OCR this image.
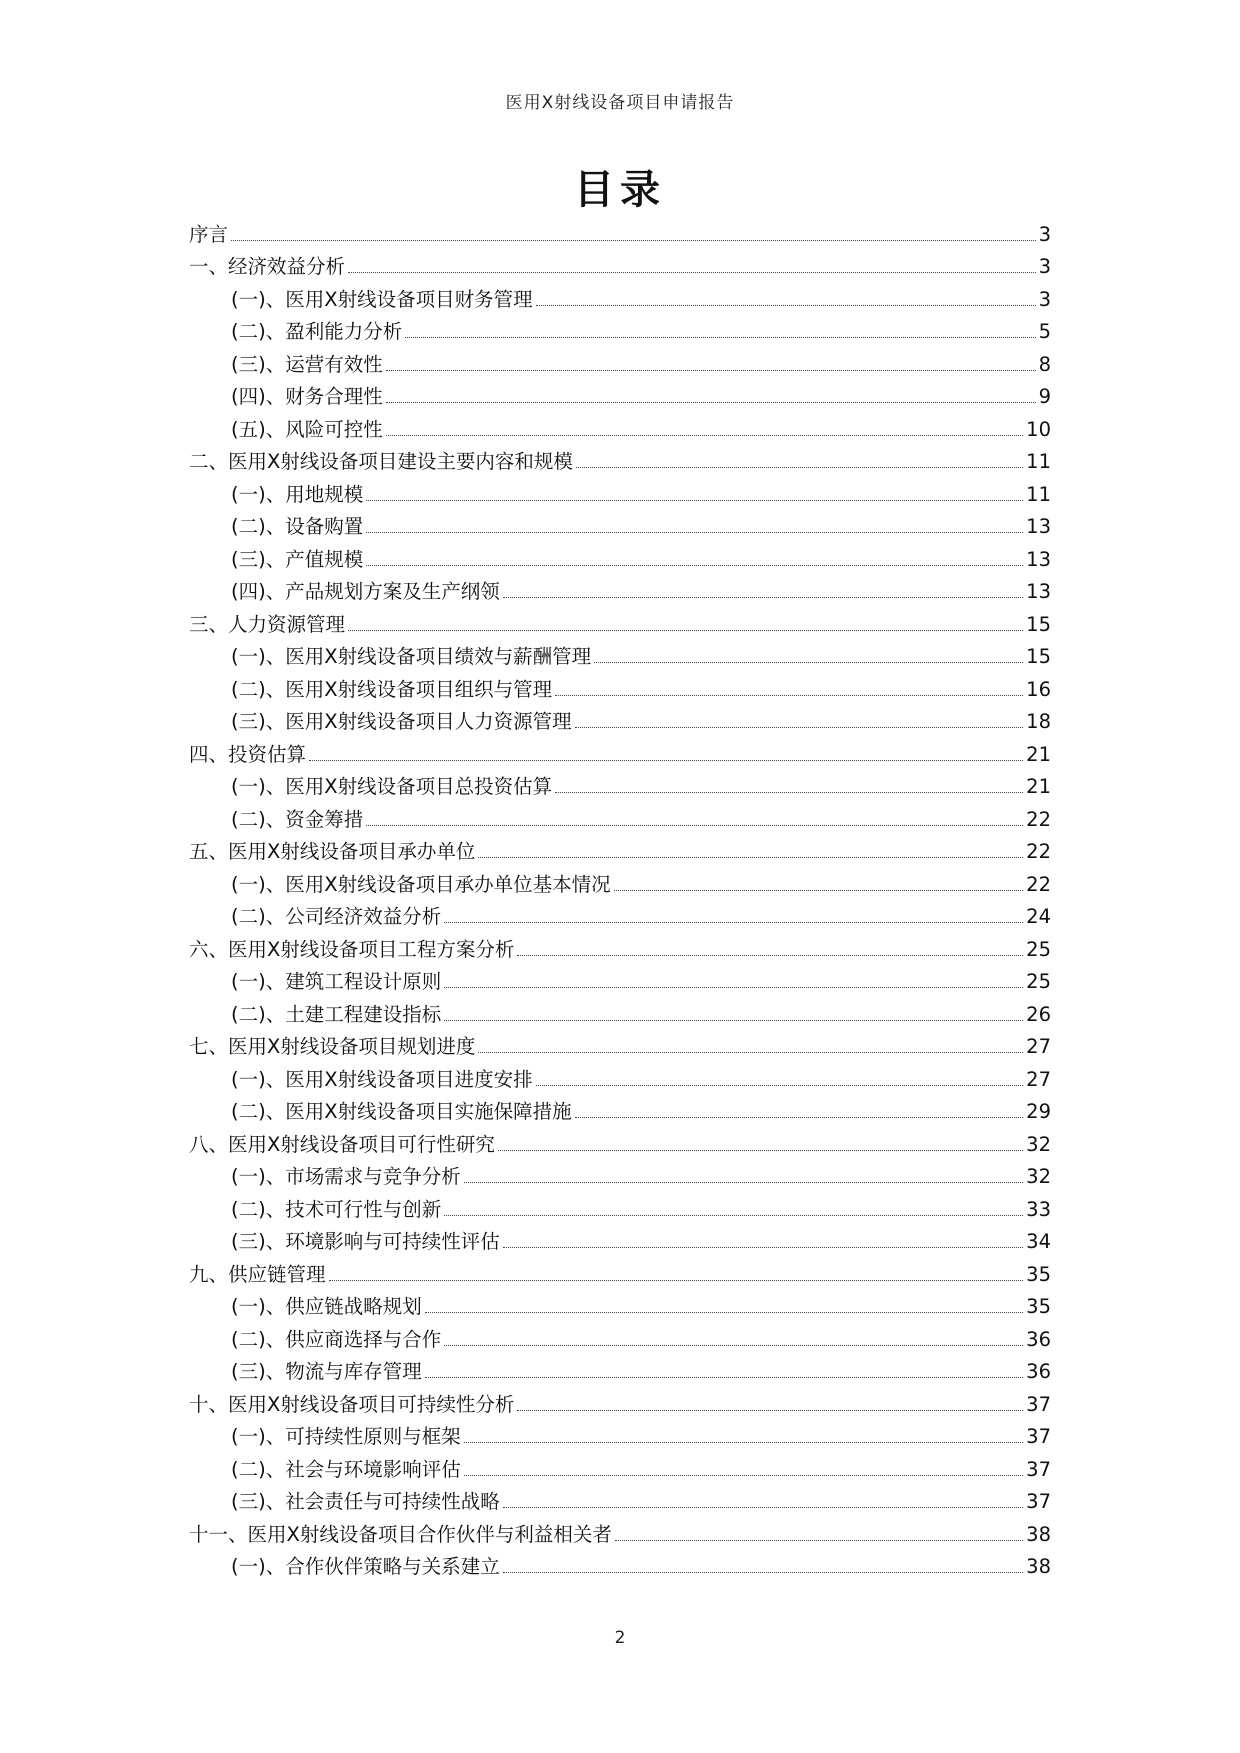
医用X射线设备项目申请报告
目录
序言	3
一、经济效益分析	3
(一)、医用X射线设备项目财务管理	3
(二)、盈利能力分析	5
(三)、运营有效性	8
(四)、财务合理性	9
(五)、风险可控性	10
二、医用X射线设备项目建设主要内容和规模	11
(一)、用地规模	11
(二)、设备购置	13
(三)、产值规模	13
(四)、产品规划方案及生产纲领	13
三、人力资源管理	15
(一)、医用X射线设备项目绩效与薪酬管理	15
(二)、医用X射线设备项目组织与管理	16
(三)、医用X射线设备项目人力资源管理	18
四、投资估算	21
(一)、医用X射线设备项目总投资估算	21
(二)、资金筹措	22
五、医用X射线设备项目承办单位	22
(一)、医用X射线设备项目承办单位基本情况	22
(二)、公司经济效益分析	24
六、医用X射线设备项目工程方案分析	25
(一)、建筑工程设计原则	25
(二)、土建工程建设指标	26
七、医用X射线设备项目规划进度	27
(一)、医用X射线设备项目进度安排	27
(二)、医用X射线设备项目实施保障措施	29
八、医用X射线设备项目可行性研究	32
(一)、市场需求与竞争分析	32
(二)、技术可行性与创新	33
(三)、环境影响与可持续性评估	34
九、供应链管理	35
(一)、供应链战略规划	35
(二)、供应商选择与合作	36
(三)、物流与库存管理	36
十、医用X射线设备项目可持续性分析	37
(一)、可持续性原则与框架	37
(二)、社会与环境影响评估	37
(三)、社会责任与可持续性战略	37
十一、医用X射线设备项目合作伙伴与利益相关者	38
(一)、合作伙伴策略与关系建立	38
2
